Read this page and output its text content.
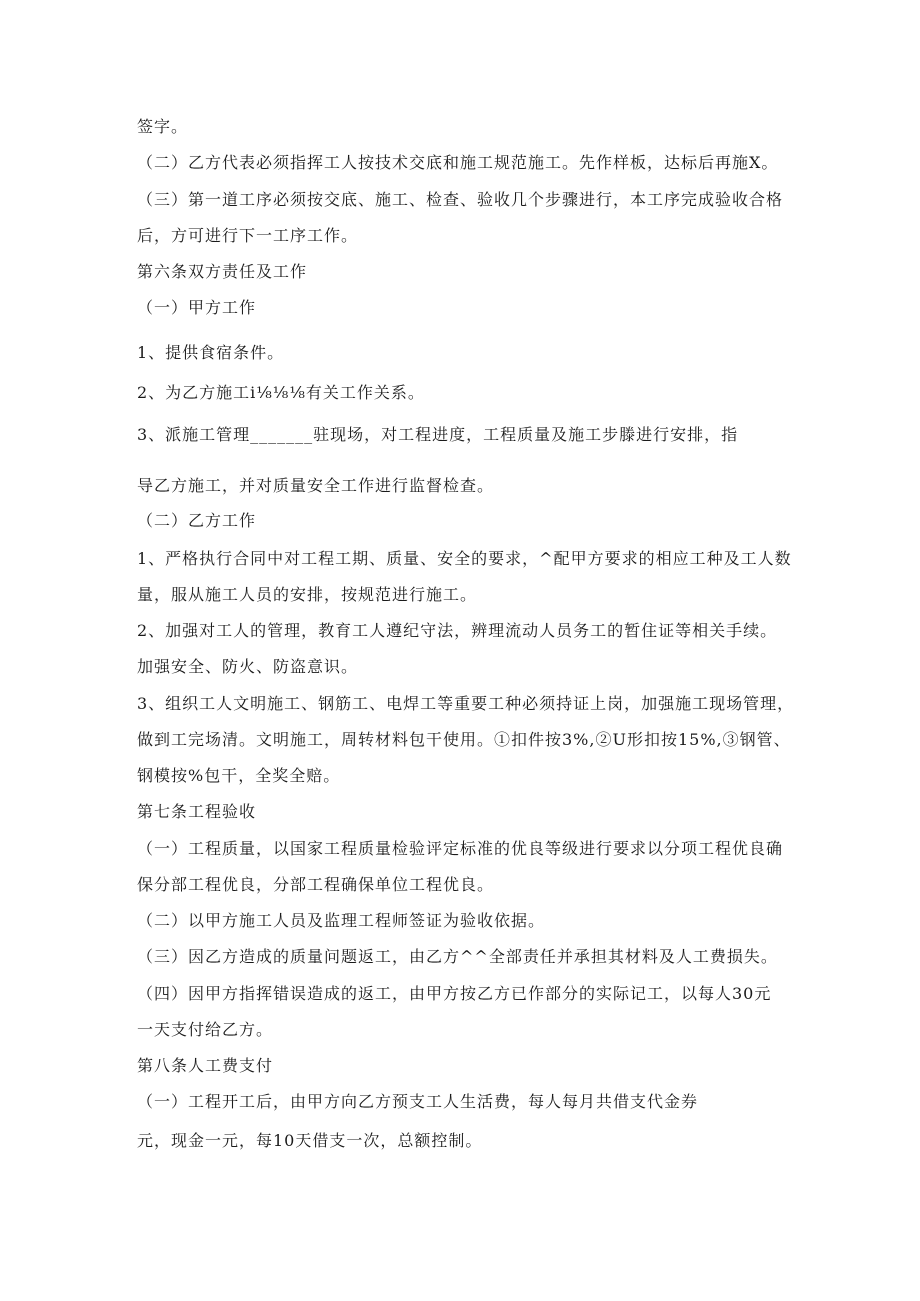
签字。
（二）乙方代表必须指挥工人按技术交底和施工规范施工。先作样板，达标后再施X。
（三）第一道工序必须按交底、施工、检查、验收几个步骤进行，本工序完成验收合格
后，方可进行下一工序工作。
第六条双方责任及工作
（一）甲方工作
1、提供食宿条件。
2、为乙方施工i⅛⅛⅛有关工作关系。
3、派施工管理_______驻现场，对工程进度，工程质量及施工步滕进行安排，指
导乙方施工，并对质量安全工作进行监督检查。
（二）乙方工作
1、严格执行合同中对工程工期、质量、安全的要求，^配甲方要求的相应工种及工人数
量，服从施工人员的安排，按规范进行施工。
2、加强对工人的管理，教育工人遵纪守法，辨理流动人员务工的暂住证等相关手续。
加强安全、防火、防盗意识。
3、组织工人文明施工、钢筋工、电焊工等重要工种必须持证上岗，加强施工现场管理，
做到工完场清。文明施工，周转材料包干使用。①扣件按3%,②U形扣按15%,③钢管、
钢模按%包干，全奖全赔。
第七条工程验收
（一）工程质量，以国家工程质量检验评定标准的优良等级进行要求以分项工程优良确
保分部工程优良，分部工程确保单位工程优良。
（二）以甲方施工人员及监理工程师签证为验收依据。
（三）因乙方造成的质量问题返工，由乙方^^全部责任并承担其材料及人工费损失。
（四）因甲方指挥错误造成的返工，由甲方按乙方已作部分的实际记工，以每人30元
一天支付给乙方。
第八条人工费支付
（一）工程开工后，由甲方向乙方预支工人生活费，每人每月共借支代金券
元，现金一元，每10天借支一次，总额控制。
